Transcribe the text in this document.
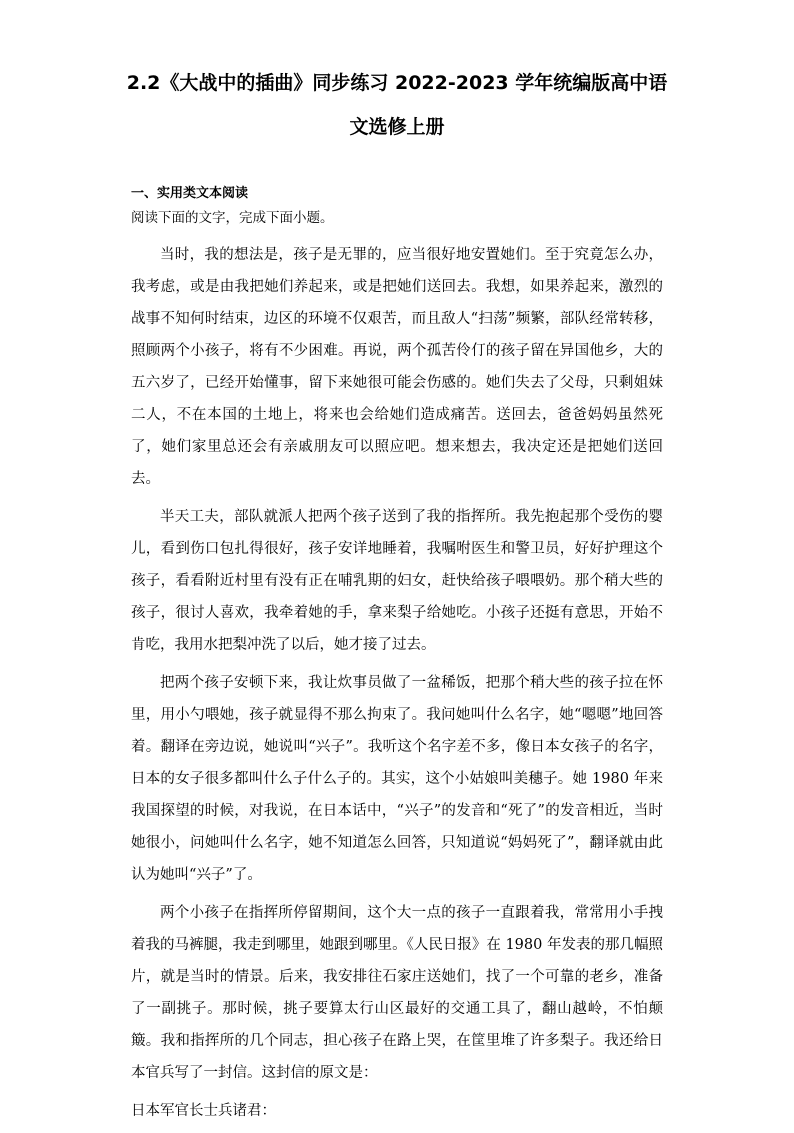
2.2《大战中的插曲》同步练习 2022-2023 学年统编版高中语
文选修上册
一、实用类文本阅读
阅读下面的文字，完成下面小题。

当时，我的想法是，孩子是无罪的，应当很好地安置她们。至于究竟怎么办，我考虑，或是由我把她们养起来，或是把她们送回去。我想，如果养起来，激烈的战事不知何时结束，边区的环境不仅艰苦，而且敌人“扫荡”频繁，部队经常转移，照顾两个小孩子，将有不少困难。再说，两个孤苦伶仃的孩子留在异国他乡，大的五六岁了，已经开始懂事，留下来她很可能会伤感的。她们失去了父母，只剩姐妹二人，不在本国的土地上，将来也会给她们造成痛苦。送回去，爸爸妈妈虽然死了，她们家里总还会有亲戚朋友可以照应吧。想来想去，我决定还是把她们送回去。

半天工夫，部队就派人把两个孩子送到了我的指挥所。我先抱起那个受伤的婴儿，看到伤口包扎得很好，孩子安详地睡着，我嘱咐医生和警卫员，好好护理这个孩子，看看附近村里有没有正在哺乳期的妇女，赶快给孩子喂喂奶。那个稍大些的孩子，很讨人喜欢，我牵着她的手，拿来梨子给她吃。小孩子还挺有意思，开始不肯吃，我用水把梨冲洗了以后，她才接了过去。

把两个孩子安顿下来，我让炊事员做了一盆稀饭，把那个稍大些的孩子拉在怀里，用小勺喂她，孩子就显得不那么拘束了。我问她叫什么名字，她“嗯嗯”地回答着。翻译在旁边说，她说叫“兴子”。我听这个名字差不多，像日本女孩子的名字，日本的女子很多都叫什么子什么子的。其实，这个小姑娘叫美穗子。她 1980 年来我国探望的时候，对我说，在日本话中，“兴子”的发音和“死了”的发音相近，当时她很小，问她叫什么名字，她不知道怎么回答，只知道说“妈妈死了”，翻译就由此认为她叫“兴子”了。

两个小孩子在指挥所停留期间，这个大一点的孩子一直跟着我，常常用小手拽着我的马裤腿，我走到哪里，她跟到哪里。《人民日报》在 1980 年发表的那几幅照片，就是当时的情景。后来，我安排往石家庄送她们，找了一个可靠的老乡，准备了一副挑子。那时候，挑子要算太行山区最好的交通工具了，翻山越岭，不怕颠簸。我和指挥所的几个同志，担心孩子在路上哭，在筐里堆了许多梨子。我还给日本官兵写了一封信。这封信的原文是：

日本军官长士兵诸君：
